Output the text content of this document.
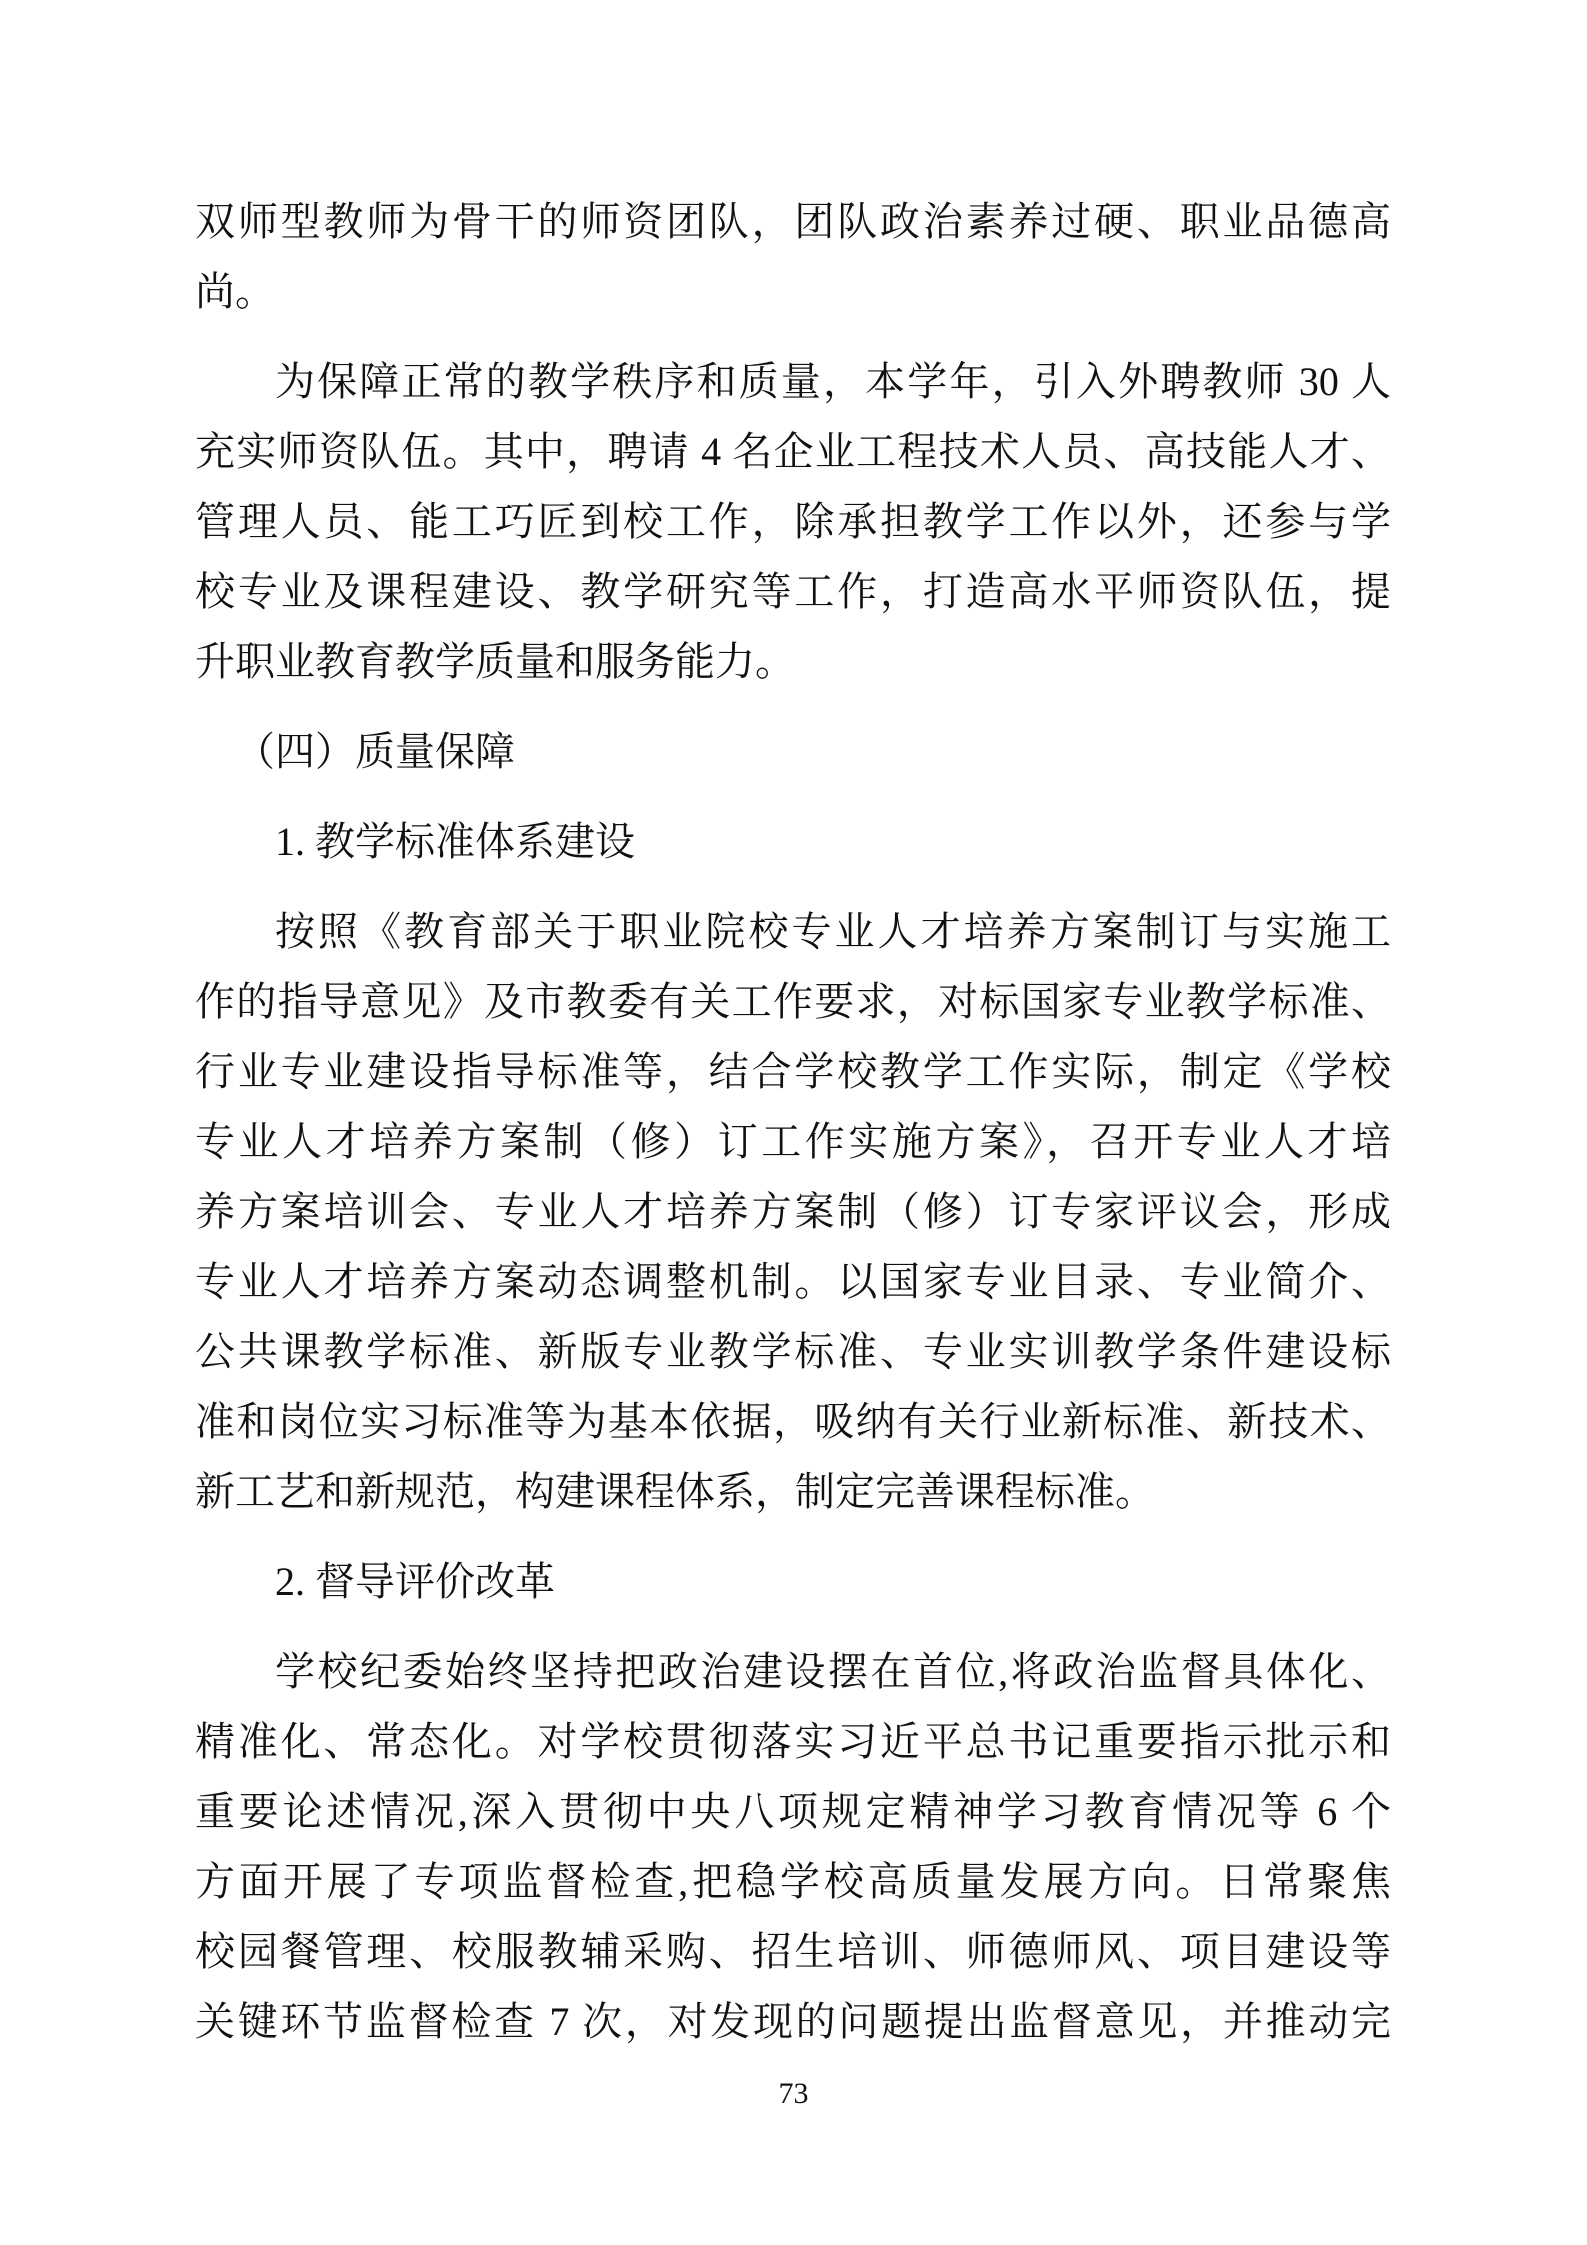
双师型教师为骨干的师资团队，团队政治素养过硬、职业品德高
尚。
为保障正常的教学秩序和质量，本学年，引入外聘教师 30 人
充实师资队伍。其中，聘请 4 名企业工程技术人员、高技能人才、
管理人员、能工巧匠到校工作，除承担教学工作以外，还参与学
校专业及课程建设、教学研究等工作，打造高水平师资队伍，提
升职业教育教学质量和服务能力。
（四）质量保障
1. 教学标准体系建设
按照《教育部关于职业院校专业人才培养方案制订与实施工
作的指导意见》及市教委有关工作要求，对标国家专业教学标准、
行业专业建设指导标准等，结合学校教学工作实际，制定《学校
专业人才培养方案制（修）订工作实施方案》，召开专业人才培
养方案培训会、专业人才培养方案制（修）订专家评议会，形成
专业人才培养方案动态调整机制。以国家专业目录、专业简介、
公共课教学标准、新版专业教学标准、专业实训教学条件建设标
准和岗位实习标准等为基本依据，吸纳有关行业新标准、新技术、
新工艺和新规范，构建课程体系，制定完善课程标准。
2. 督导评价改革
学校纪委始终坚持把政治建设摆在首位,将政治监督具体化、
精准化、常态化。对学校贯彻落实习近平总书记重要指示批示和
重要论述情况,深入贯彻中央八项规定精神学习教育情况等 6 个
方面开展了专项监督检查,把稳学校高质量发展方向。日常聚焦
校园餐管理、校服教辅采购、招生培训、师德师风、项目建设等
关键环节监督检查 7 次，对发现的问题提出监督意见，并推动完
73
